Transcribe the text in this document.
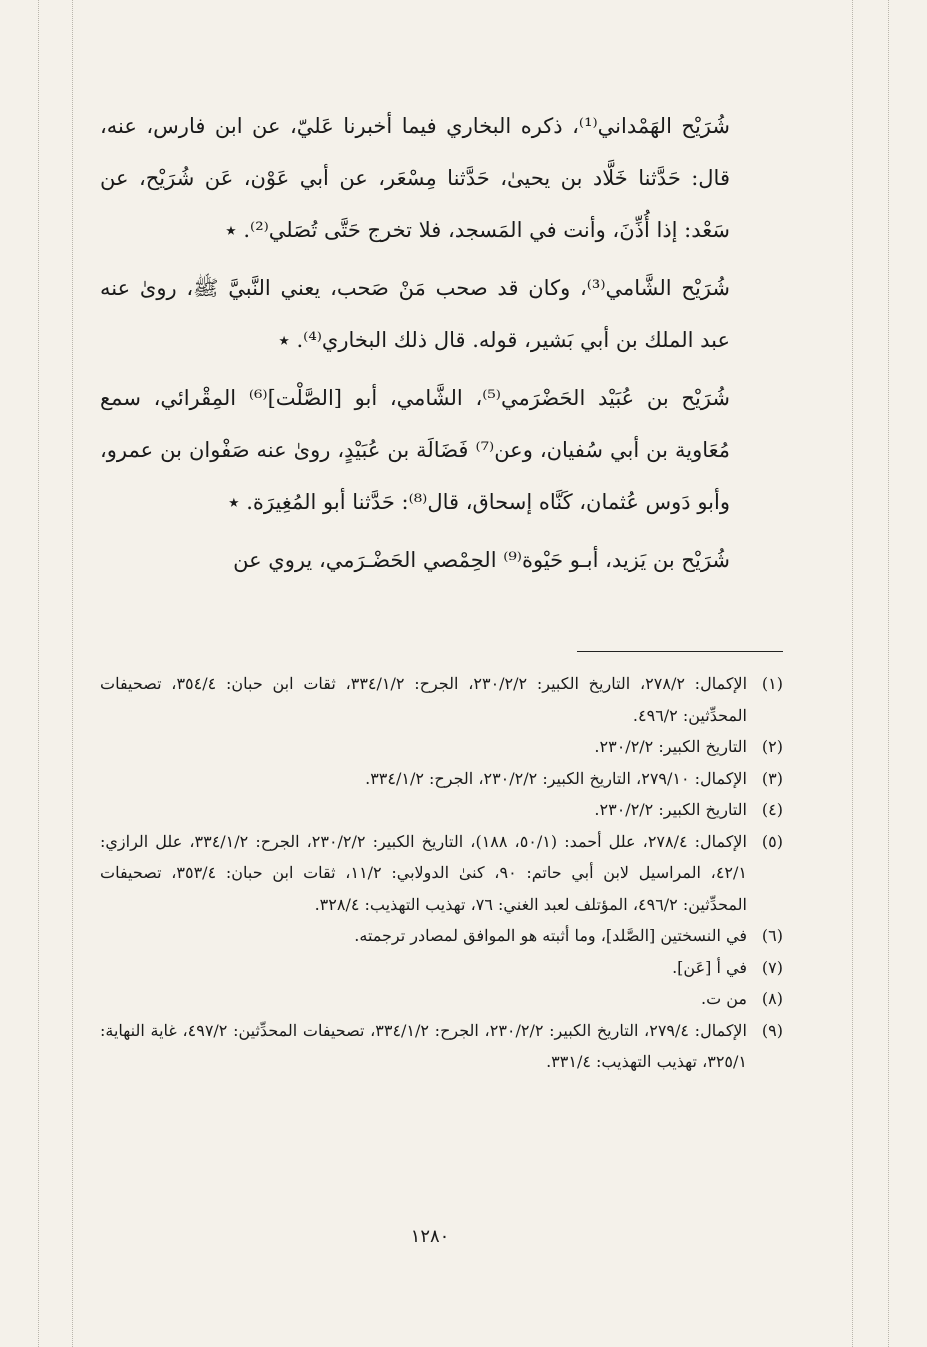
شُرَيْح الهَمْداني⁽¹⁾، ذكره البخاري فيما أخبرنا عَليّ، عن ابن فارس، عنه، قال: حَدَّثنا خَلَّاد بن يحيىٰ، حَدَّثنا مِسْعَر، عن أبي عَوْن، عَن شُرَيْح، عن سَعْد: إذا أُذِّنَ، وأنت في المَسجد، فلا تخرج حَتَّى تُصَلي⁽²⁾. ٭

شُرَيْح الشَّامي⁽³⁾، وكان قد صحب مَنْ صَحب، يعني النَّبيَّ ﷺ، رویٰ عنه عبد الملك بن أبي بَشير، قوله. قال ذلك البخاري⁽⁴⁾. ٭

شُرَيْح بن عُبَيْد الحَضْرَمي⁽⁵⁾، الشَّامي، أبو [الصَّلْت]⁽⁶⁾ المِقْرائي، سمع مُعَاوية بن أبي سُفيان، وعن⁽⁷⁾ فَضَالَة بن عُبَيْدٍ، روىٰ عنه صَفْوان بن عمرو، وأبو دَوس عُثمان، كَنَّاه إسحاق، قال⁽⁸⁾: حَدَّثنا أبو المُغِيرَة. ٭

شُرَيْح بن يَزيد، أبـو حَيْوة⁽⁹⁾ الحِمْصي الحَضْـرَمي، يروي عن

(١)
الإكمال: ٢٧٨/٢، التاريخ الكبير: ٢٣٠/٢/٢، الجرح: ٣٣٤/١/٢، ثقات ابن حبان: ٣٥٤/٤، تصحيفات المحدِّثين: ٤٩٦/٢.
(٢)
التاريخ الكبير: ٢٣٠/٢/٢.
(٣)
الإكمال: ٢٧٩/١٠، التاريخ الكبير: ٢٣٠/٢/٢، الجرح: ٣٣٤/١/٢.
(٤)
التاريخ الكبير: ٢٣٠/٢/٢.
(٥)
الإكمال: ٢٧٨/٤، علل أحمد: (٥٠/١، ١٨٨)، التاريخ الكبير: ٢٣٠/٢/٢، الجرح: ٣٣٤/١/٢، علل الرازي: ٤٢/١، المراسيل لابن أبي حاتم: ٩٠، كنىٰ الدولابي: ١١/٢، ثقات ابن حبان: ٣٥٣/٤، تصحيفات المحدِّثين: ٤٩٦/٢، المؤتلف لعبد الغني: ٧٦، تهذيب التهذيب: ٣٢٨/٤.
(٦)
في النسختين [الصَّلد]، وما أثبته هو الموافق لمصادر ترجمته.
(٧)
في أ [عَن].
(٨)
من ت.
(٩)
الإكمال: ٢٧٩/٤، التاريخ الكبير: ٢٣٠/٢/٢، الجرح: ٣٣٤/١/٢، تصحيفات المحدِّثين: ٤٩٧/٢، غاية النهاية: ٣٢٥/١، تهذيب التهذيب: ٣٣١/٤.
١٢٨٠
